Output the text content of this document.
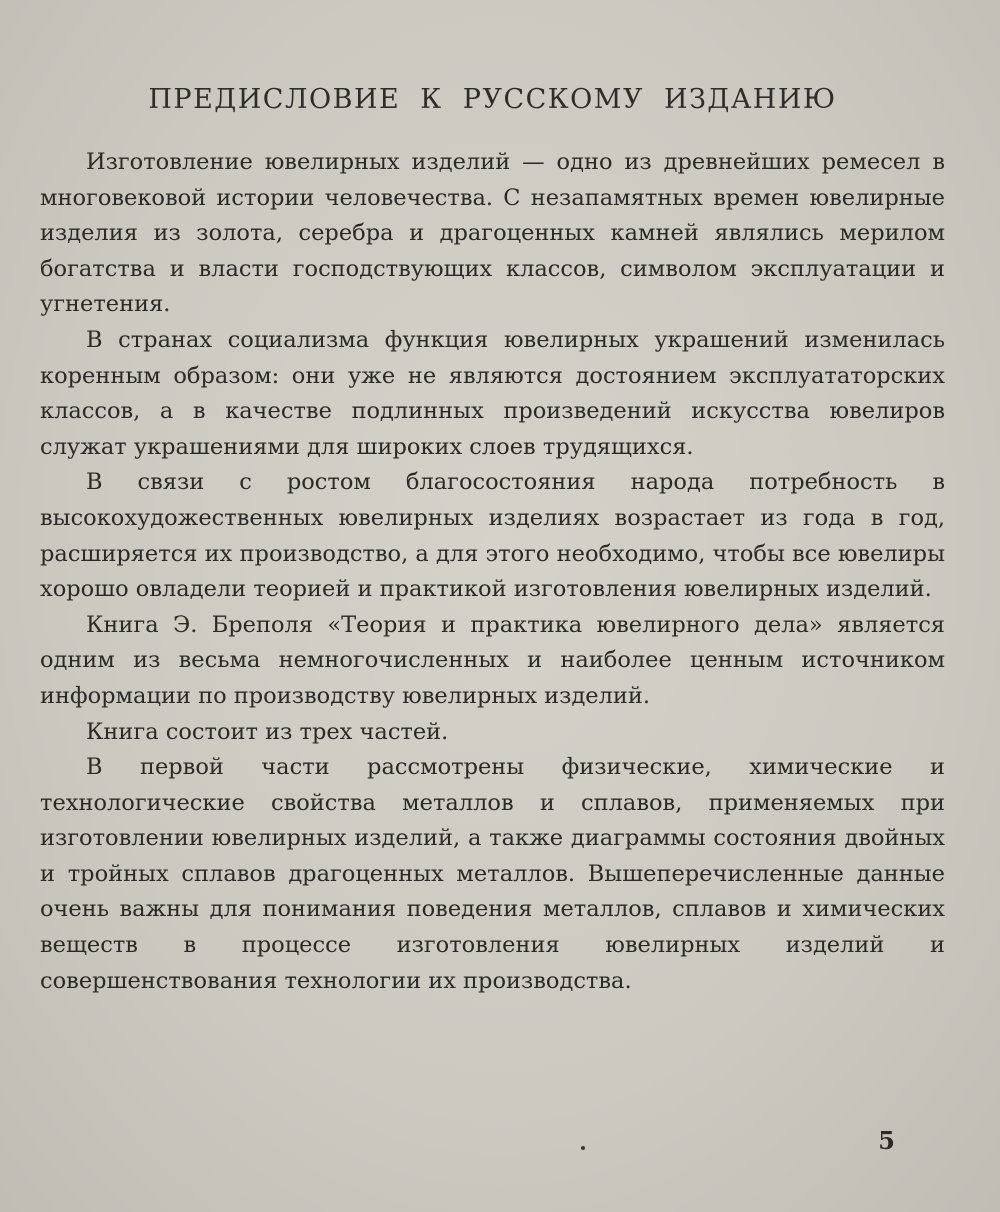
ПРЕДИСЛОВИЕ К РУССКОМУ ИЗДАНИЮ

Изготовление ювелирных изделий — одно из древнейших ремесел в многовековой истории человечества. С незапамятных времен ювелирные изделия из золота, серебра и драгоценных камней являлись мерилом богатства и власти господствующих классов, символом эксплуатации и угнетения.

В странах социализма функция ювелирных украшений изменилась коренным образом: они уже не являются достоянием эксплуататорских классов, а в качестве подлинных произведений искусства ювелиров служат украшениями для широких слоев трудящихся.

В связи с ростом благосостояния народа потребность в высокохудожественных ювелирных изделиях возрастает из года в год, расширяется их производство, а для этого необходимо, чтобы все ювелиры хорошо овладели теорией и практикой изготовления ювелирных изделий.

Книга Э. Бреполя «Теория и практика ювелирного дела» является одним из весьма немногочисленных и наиболее ценным источником информации по производству ювелирных изделий.

Книга состоит из трех частей.

В первой части рассмотрены физические, химические и технологические свойства металлов и сплавов, применяемых при изготовлении ювелирных изделий, а также диаграммы состояния двойных и тройных сплавов драгоценных металлов. Вышеперечисленные данные очень важны для понимания поведения металлов, сплавов и химических веществ в процессе изготовления ювелирных изделий и совершенствования технологии их производства.

5
